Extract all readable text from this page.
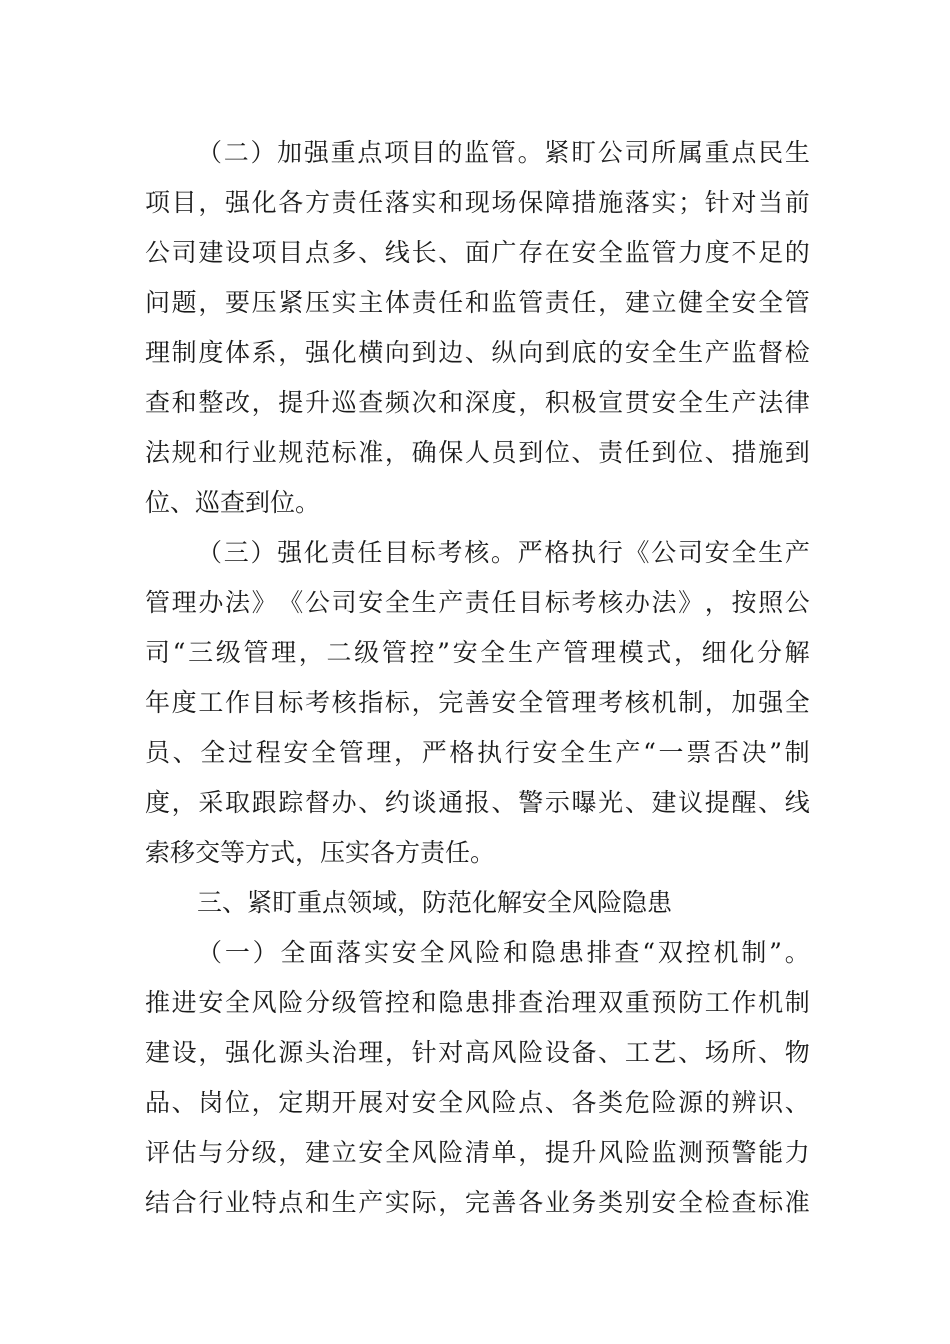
（ 二 ） 加 强 重 点 项 目 的 监 管 。 紧 盯 公 司 所 属 重 点 民 生
项 目 ， 强 化 各 方 责 任 落 实 和 现 场 保 障 措 施 落 实 ； 针 对 当 前
公 司 建 设 项 目 点 多 、 线 长 、 面 广 存 在 安 全 监 管 力 度 不 足 的
问 题 ， 要 压 紧 压 实 主 体 责 任 和 监 管 责 任 ， 建 立 健 全 安 全 管
理 制 度 体 系 ， 强 化 横 向 到 边 、 纵 向 到 底 的 安 全 生 产 监 督 检
查 和 整 改 ， 提 升 巡 查 频 次 和 深 度 ， 积 极 宣 贯 安 全 生 产 法 律
法 规 和 行 业 规 范 标 准 ， 确 保 人 员 到 位 、 责 任 到 位 、 措 施 到
位、巡查到位。
（ 三 ） 强 化 责 任 目 标 考 核 。 严 格 执 行 《 公 司 安 全 生 产
管 理 办 法 》 《 公 司 安 全 生 产 责 任 目 标 考 核 办 法 》 ， 按 照 公
司 “ 三 级 管 理 ， 二 级 管 控 ” 安 全 生 产 管 理 模 式 ， 细 化 分 解
年 度 工 作 目 标 考 核 指 标 ， 完 善 安 全 管 理 考 核 机 制 ， 加 强 全
员 、 全 过 程 安 全 管 理 ， 严 格 执 行 安 全 生 产 “ 一 票 否 决 ” 制
度 ， 采 取 跟 踪 督 办 、 约 谈 通 报 、 警 示 曝 光 、 建 议 提 醒 、 线
索移交等方式，压实各方责任。
三、紧盯重点领域，防范化解安全风险隐患
（ 一 ） 全 面 落 实 安 全 风 险 和 隐 患 排 查 “ 双 控 机 制 ” 。
推 进 安 全 风 险 分 级 管 控 和 隐 患 排 查 治 理 双 重 预 防 工 作 机 制
建 设 ， 强 化 源 头 治 理 ， 针 对 高 风 险 设 备 、 工 艺 、 场 所 、 物
品 、 岗 位 ， 定 期 开 展 对 安 全 风 险 点 、 各 类 危 险 源 的 辨 识 、
评 估 与 分 级 ， 建 立 安 全 风 险 清 单 ， 提 升 风 险 监 测 预 警 能 力
结 合 行 业 特 点 和 生 产 实 际 ， 完 善 各 业 务 类 别 安 全 检 查 标 准
